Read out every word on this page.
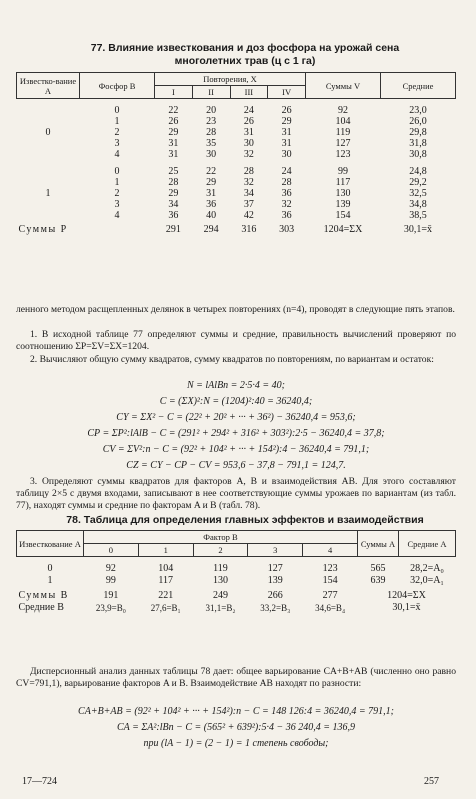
77. Влияние известкования и доз фосфора на урожай сена
многолетних трав (ц с 1 га)
Известко-вание A	Фосфор B	Повторения, X				Суммы V	Средние
		I	II	III	IV		

	0	22	20	24	26	92	23,0
	1	26	23	26	29	104	26,0
0	2	29	28	31	31	119	29,8
	3	31	35	30	31	127	31,8
	4	31	30	32	30	123	30,8

	0	25	22	28	24	99	24,8
	1	28	29	32	28	117	29,2
1	2	29	31	34	36	130	32,5
	3	34	36	37	32	139	34,8
	4	36	40	42	36	154	38,5
Суммы P		291	294	316	303	1204=ΣX	30,1=x̄
ленного методом расщепленных делянок в четырех повторениях (n=4), проводят в следующие пять этапов.
1. В исходной таблице 77 определяют суммы и средние, правильность вычислений проверяют по соотношению ΣP=ΣV=ΣX=1204.
2. Вычисляют общую сумму квадратов, сумму квадратов по повторениям, по вариантам и остаток:
N = lAlBn = 2·5·4 = 40;
C = (ΣX)²:N = (1204)²:40 = 36240,4;
CY = ΣX² − C = (22² + 20² + ··· + 36²) − 36240,4 = 953,6;
CP = ΣP²:lAlB − C = (291² + 294² + 316² + 303²):2·5 − 36240,4 = 37,8;
CV = ΣV²:n − C = (92² + 104² + ··· + 154²):4 − 36240,4 = 791,1;
CZ = CY − CP − CV = 953,6 − 37,8 − 791,1 = 124,7.
78. Таблица для определения главных эффектов и взаимодействия
Известкование A	Фактор B					Суммы A	Средние A
	0	1	2	3	4		

0	92	104	119	127	123	565	28,2=A₀
1	99	117	130	139	154	639	32,0=A₁
Суммы B	191	221	249	266	277	1204=ΣX	
Средние B	23,9=B₀	27,6=B₁	31,1=B₂	33,2=B₃	34,6=B₄	30,1=x̄	
Дисперсионный анализ данных таблицы 78 дает: общее варьирование CA+B+AB (численно оно равно CV=791,1), варьирование факторов A и B. Взаимодействие AB находят по разности:
CA+B+AB = (92² + 104² + ··· + 154²):n − C = 148 126:4 = 36240,4 = 791,1;
CA = ΣA²:lBn − C = (565² + 639²):5·4 − 36 240,4 = 136,9
при (lA − 1) = (2 − 1) = 1 степень свободы;
17—724	257
3. Определяют суммы квадратов для факторов A, B и взаимодействия AB. Для этого составляют таблицу 2×5 с двумя входами, записывают в нее соответствующие суммы урожаев по вариантам (из табл. 77), находят суммы и средние по факторам A и B (табл. 78).
